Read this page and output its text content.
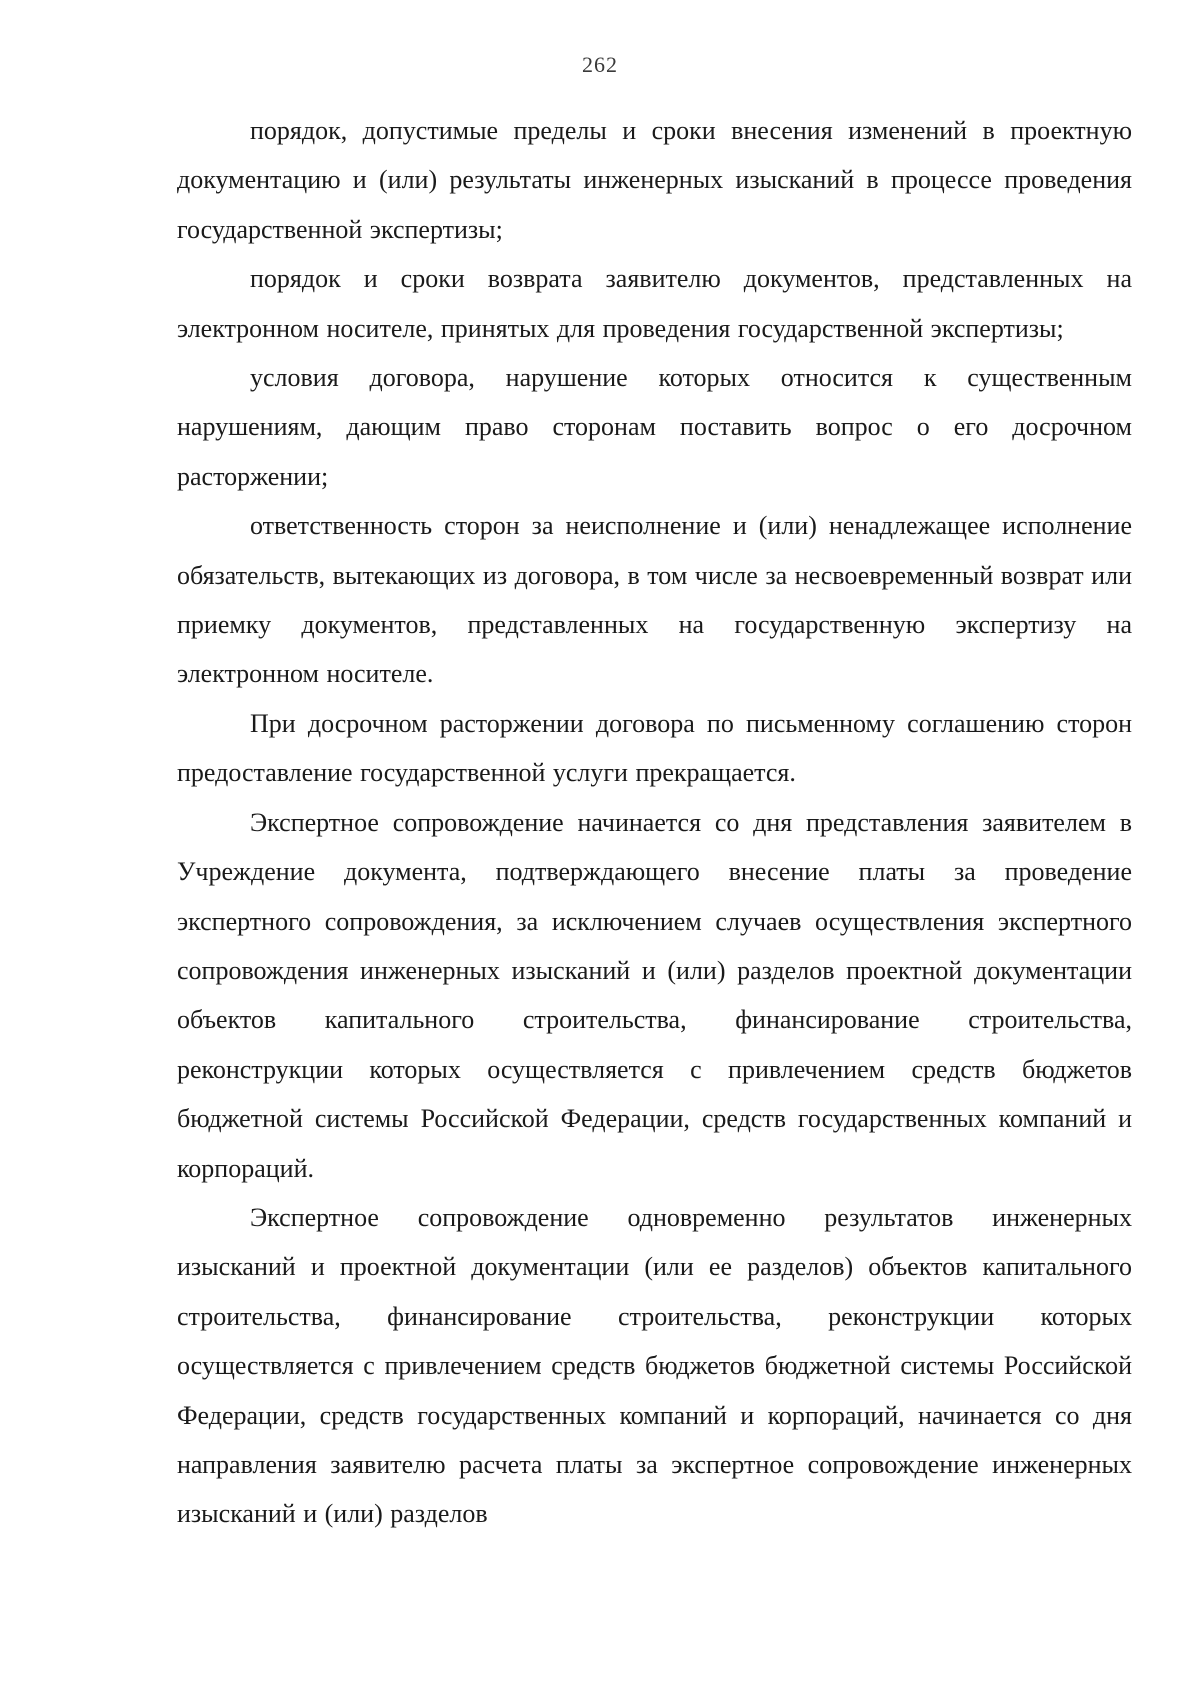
262

порядок, допустимые пределы и сроки внесения изменений в проектную документацию и (или) результаты инженерных изысканий в процессе проведения государственной экспертизы;

порядок и сроки возврата заявителю документов, представленных на электронном носителе, принятых для проведения государственной экспертизы;

условия договора, нарушение которых относится к существенным нарушениям, дающим право сторонам поставить вопрос о его досрочном расторжении;

ответственность сторон за неисполнение и (или) ненадлежащее исполнение обязательств, вытекающих из договора, в том числе за несвоевременный возврат или приемку документов, представленных на государственную экспертизу на электронном носителе.

При досрочном расторжении договора по письменному соглашению сторон предоставление государственной услуги прекращается.

Экспертное сопровождение начинается со дня представления заявителем в Учреждение документа, подтверждающего внесение платы за проведение экспертного сопровождения, за исключением случаев осуществления экспертного сопровождения инженерных изысканий и (или) разделов проектной документации объектов капитального строительства, финансирование строительства, реконструкции которых осуществляется с привлечением средств бюджетов бюджетной системы Российской Федерации, средств государственных компаний и корпораций.

Экспертное сопровождение одновременно результатов инженерных изысканий и проектной документации (или ее разделов) объектов капитального строительства, финансирование строительства, реконструкции которых осуществляется с привлечением средств бюджетов бюджетной системы Российской Федерации, средств государственных компаний и корпораций, начинается со дня направления заявителю расчета платы за экспертное сопровождение инженерных изысканий и (или) разделов
